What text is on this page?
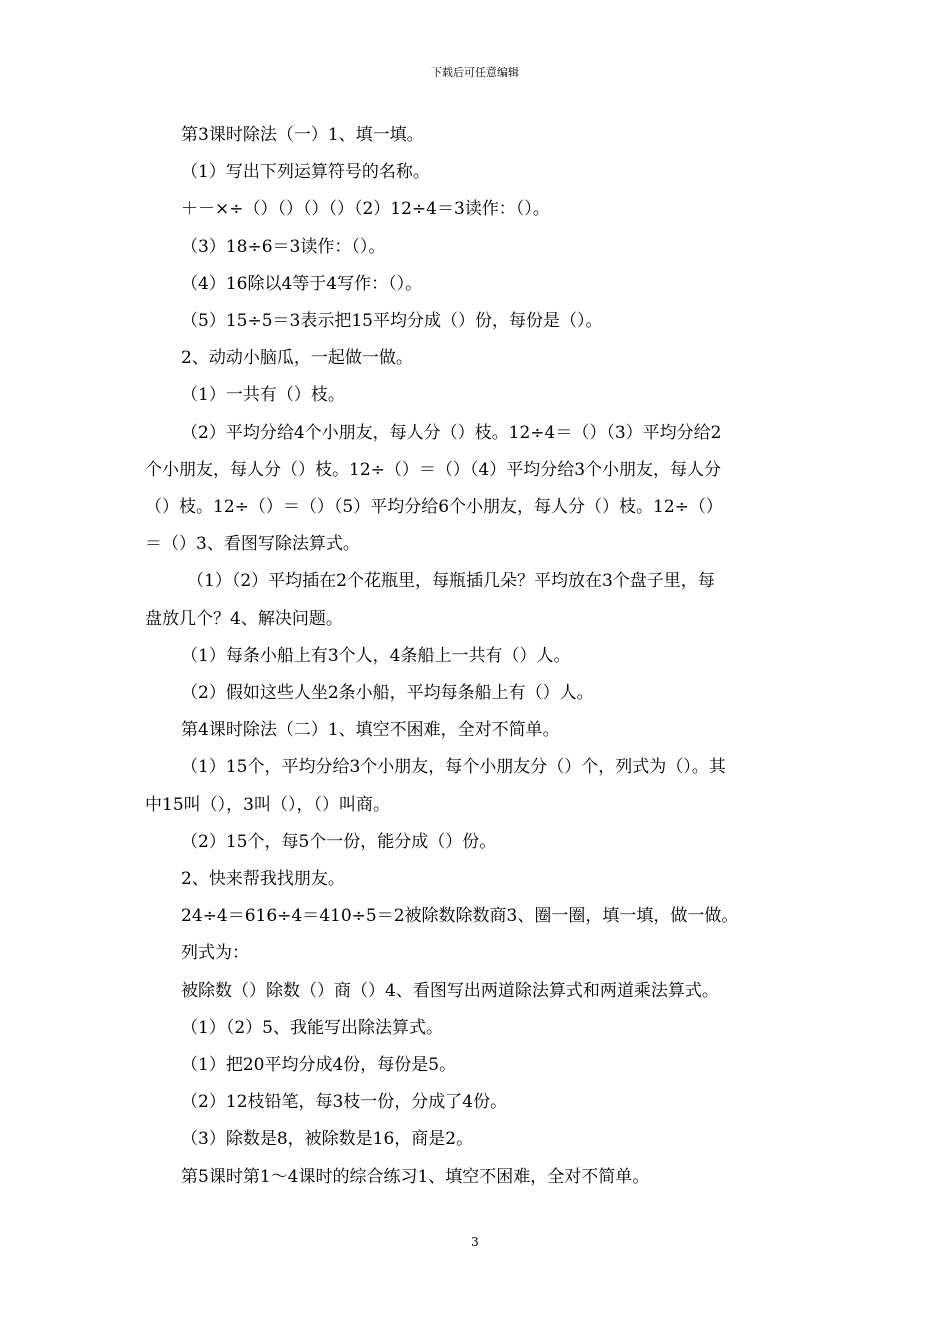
下载后可任意编辑

第3课时除法（一）1、填一填。

（1）写出下列运算符号的名称。

＋－×÷（）（）（）（）（2）12÷4＝3读作：（）。

（3）18÷6＝3读作：（）。

（4）16除以4等于4写作：（）。

（5）15÷5＝3表示把15平均分成（）份，每份是（）。

2、动动小脑瓜，一起做一做。

（1）一共有（）枝。

（2）平均分给4个小朋友，每人分（）枝。12÷4＝（）（3）平均分给2

个小朋友，每人分（）枝。12÷（）＝（）（4）平均分给3个小朋友，每人分

（）枝。12÷（）＝（）（5）平均分给6个小朋友，每人分（）枝。12÷（）

＝（）3、看图写除法算式。

（1）（2）平均插在2个花瓶里，每瓶插几朵？平均放在3个盘子里，每

盘放几个？4、解决问题。

（1）每条小船上有3个人，4条船上一共有（）人。

（2）假如这些人坐2条小船，平均每条船上有（）人。

第4课时除法（二）1、填空不困难，全对不简单。

（1）15个，平均分给3个小朋友，每个小朋友分（）个，列式为（）。其

中15叫（），3叫（），（）叫商。

（2）15个，每5个一份，能分成（）份。

2、快来帮我找朋友。

24÷4＝616÷4＝410÷5＝2被除数除数商3、圈一圈，填一填，做一做。

列式为：

被除数（）除数（）商（）4、看图写出两道除法算式和两道乘法算式。

（1）（2）5、我能写出除法算式。

（1）把20平均分成4份，每份是5。

（2）12枝铅笔，每3枝一份，分成了4份。

（3）除数是8，被除数是16，商是2。

第5课时第1～4课时的综合练习1、填空不困难，全对不简单。

3
